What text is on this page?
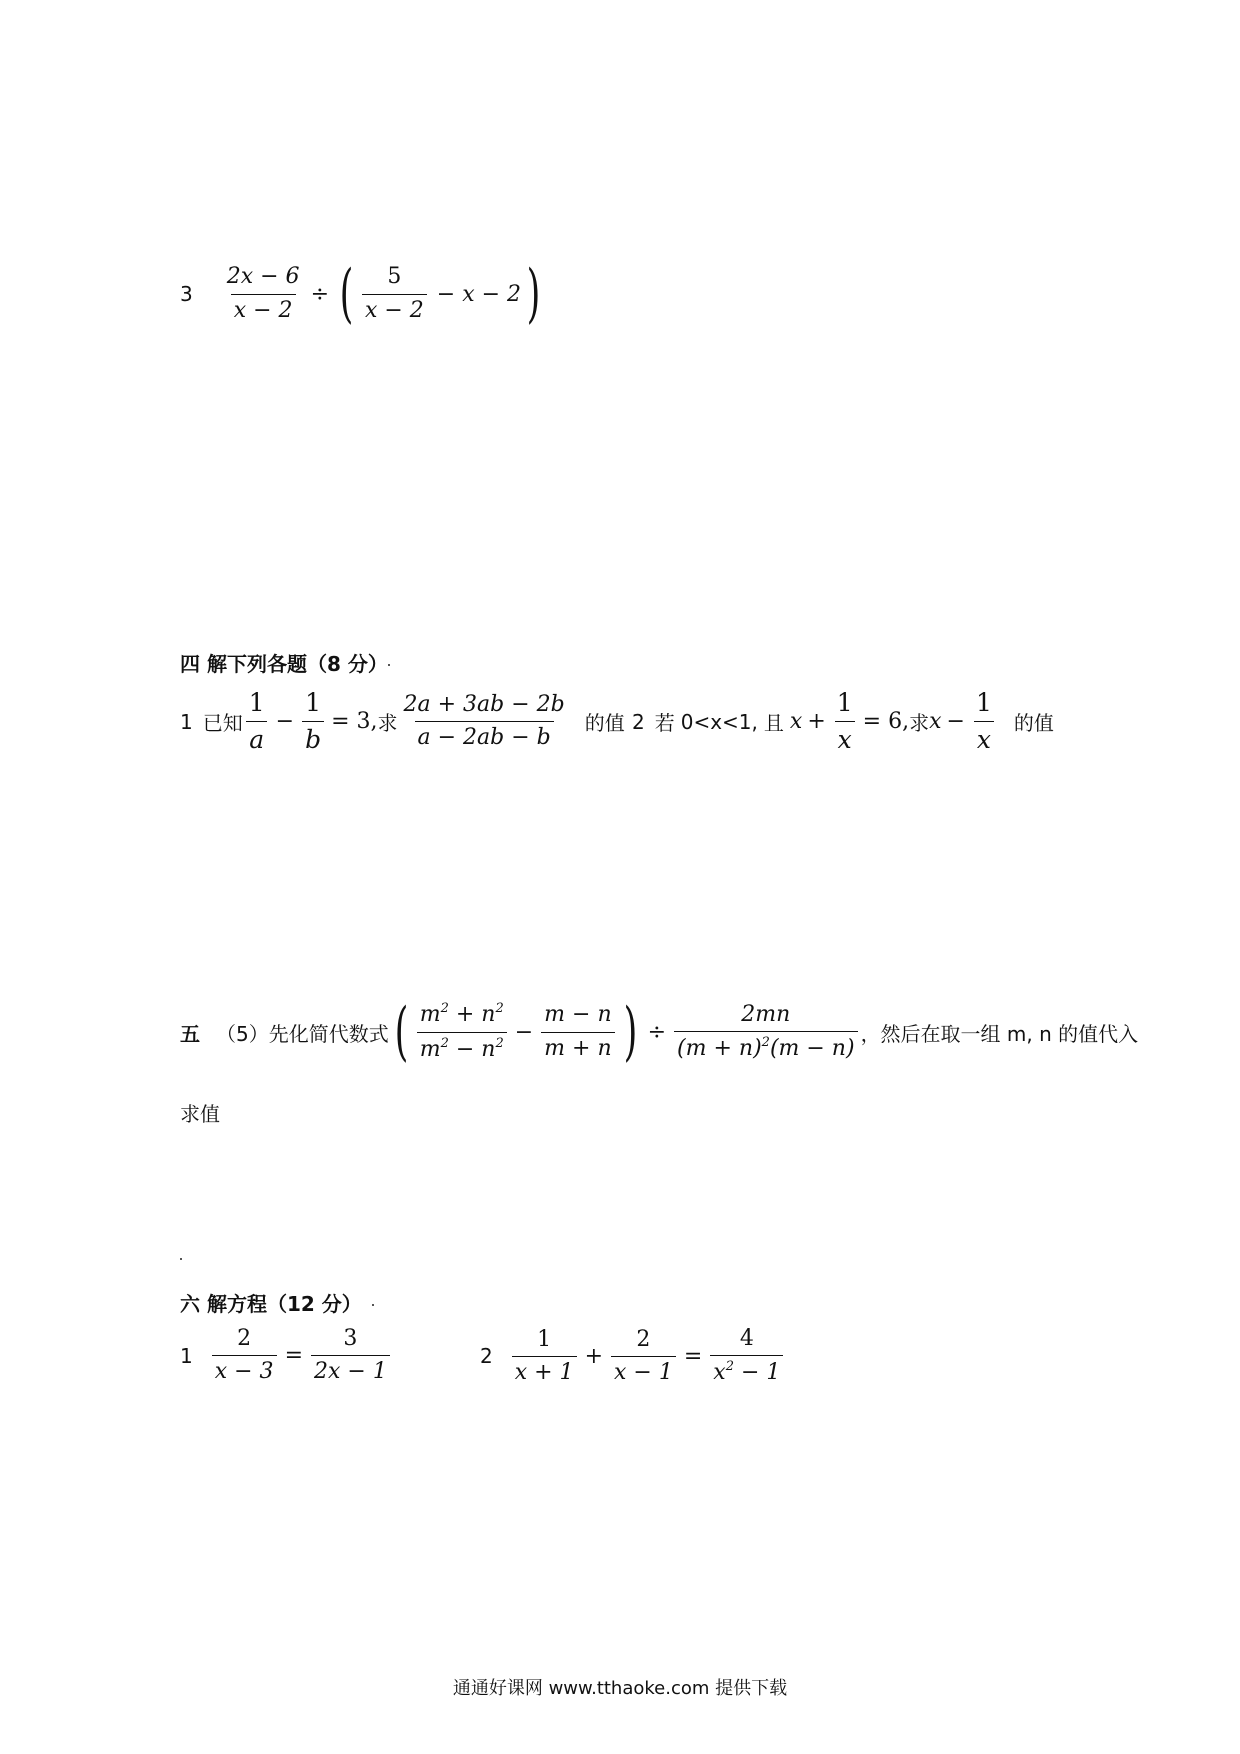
$3 \frac{2x - 6}{x - 2}$ ÷ ( $\frac{5}{x - 2} - x - 2$ )
四 解下列各题（8 分）
1 已知 $\frac{1}{a} - \frac{1}{b} = 3$, 求 $\frac{2a + 3ab - 2b}{a - 2ab - b}$ 的值 2 若 0<x<1, 且 $x + \frac{1}{x} = 6$, 求 $x - \frac{1}{x}$ 的值
五 （5）先化简代数式 ( $\frac{m^2 + n^2}{m^2 - n^2} - \frac{m - n}{m + n}$ ) ÷ $\frac{2mn}{(m + n)^2(m - n)}$ ，然后在取一组 m, n 的值代入
求值
六 解方程（12 分）
$1 \frac{2}{x - 3} = \frac{3}{2x - 1}$	$2 \frac{1}{x + 1} + \frac{2}{x - 1} = \frac{4}{x^2 - 1}$
通通好课网 www.tthaoke.com 提供下载
